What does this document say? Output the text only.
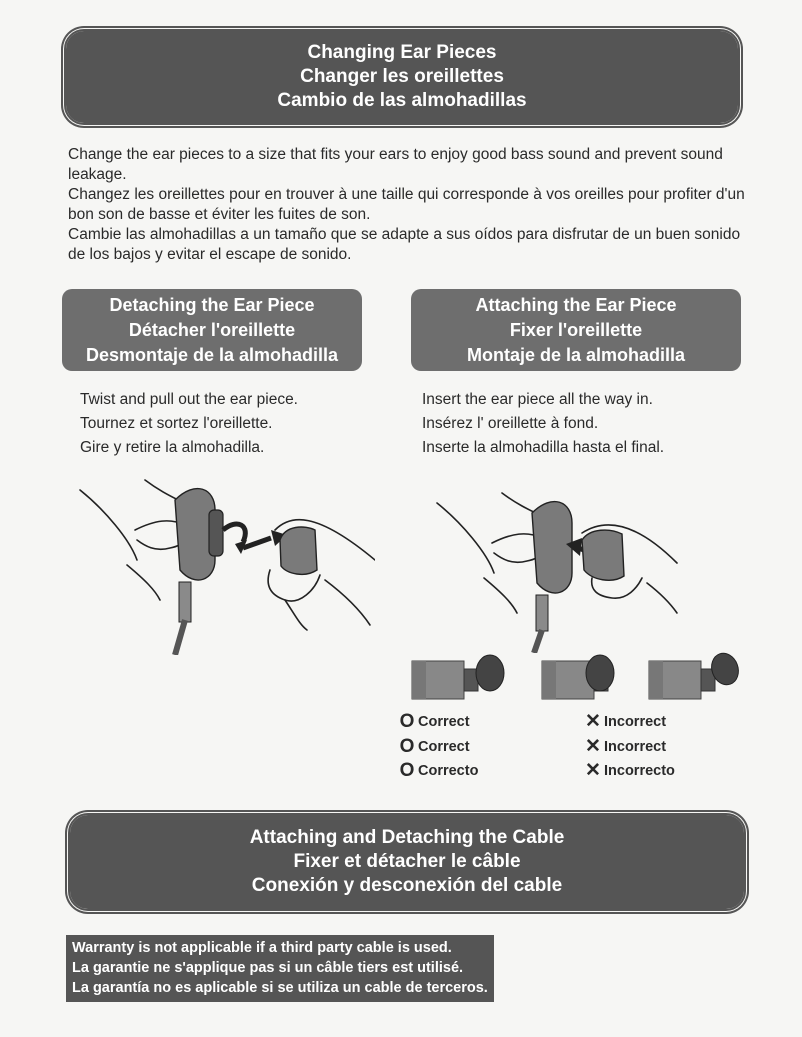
Changing Ear Pieces
Changer les oreillettes
Cambio de las almohadillas

Change the ear pieces to a size that fits your ears to enjoy good bass sound and prevent sound leakage.

Changez les oreillettes pour en trouver à une taille qui corresponde à vos oreilles pour profiter d'un bon son de basse et éviter les fuites de son.

Cambie las almohadillas a un tamaño que se adapte a sus oídos para disfrutar de un buen sonido de los bajos y evitar el escape de sonido.

Detaching the Ear Piece
Détacher l'oreillette
Desmontaje de la almohadilla
Attaching the Ear Piece
Fixer l'oreillette
Montaje de la almohadilla

Twist and pull out the ear piece.

Tournez et sortez l'oreillette.

Gire y retire la almohadilla.

Insert the ear piece all the way in.

Insérez l' oreillette à fond.

Inserte la almohadilla hasta el final.

O Correct
O Correct
O Correcto
✕ Incorrect
✕ Incorrect
✕ Incorrecto
Attaching and Detaching the Cable
Fixer et détacher le câble
Conexión y desconexión del cable

Warranty is not applicable if a third party cable is used.

La garantie ne s'applique pas si un câble tiers est utilisé.

La garantía no es aplicable si se utiliza un cable de terceros.
